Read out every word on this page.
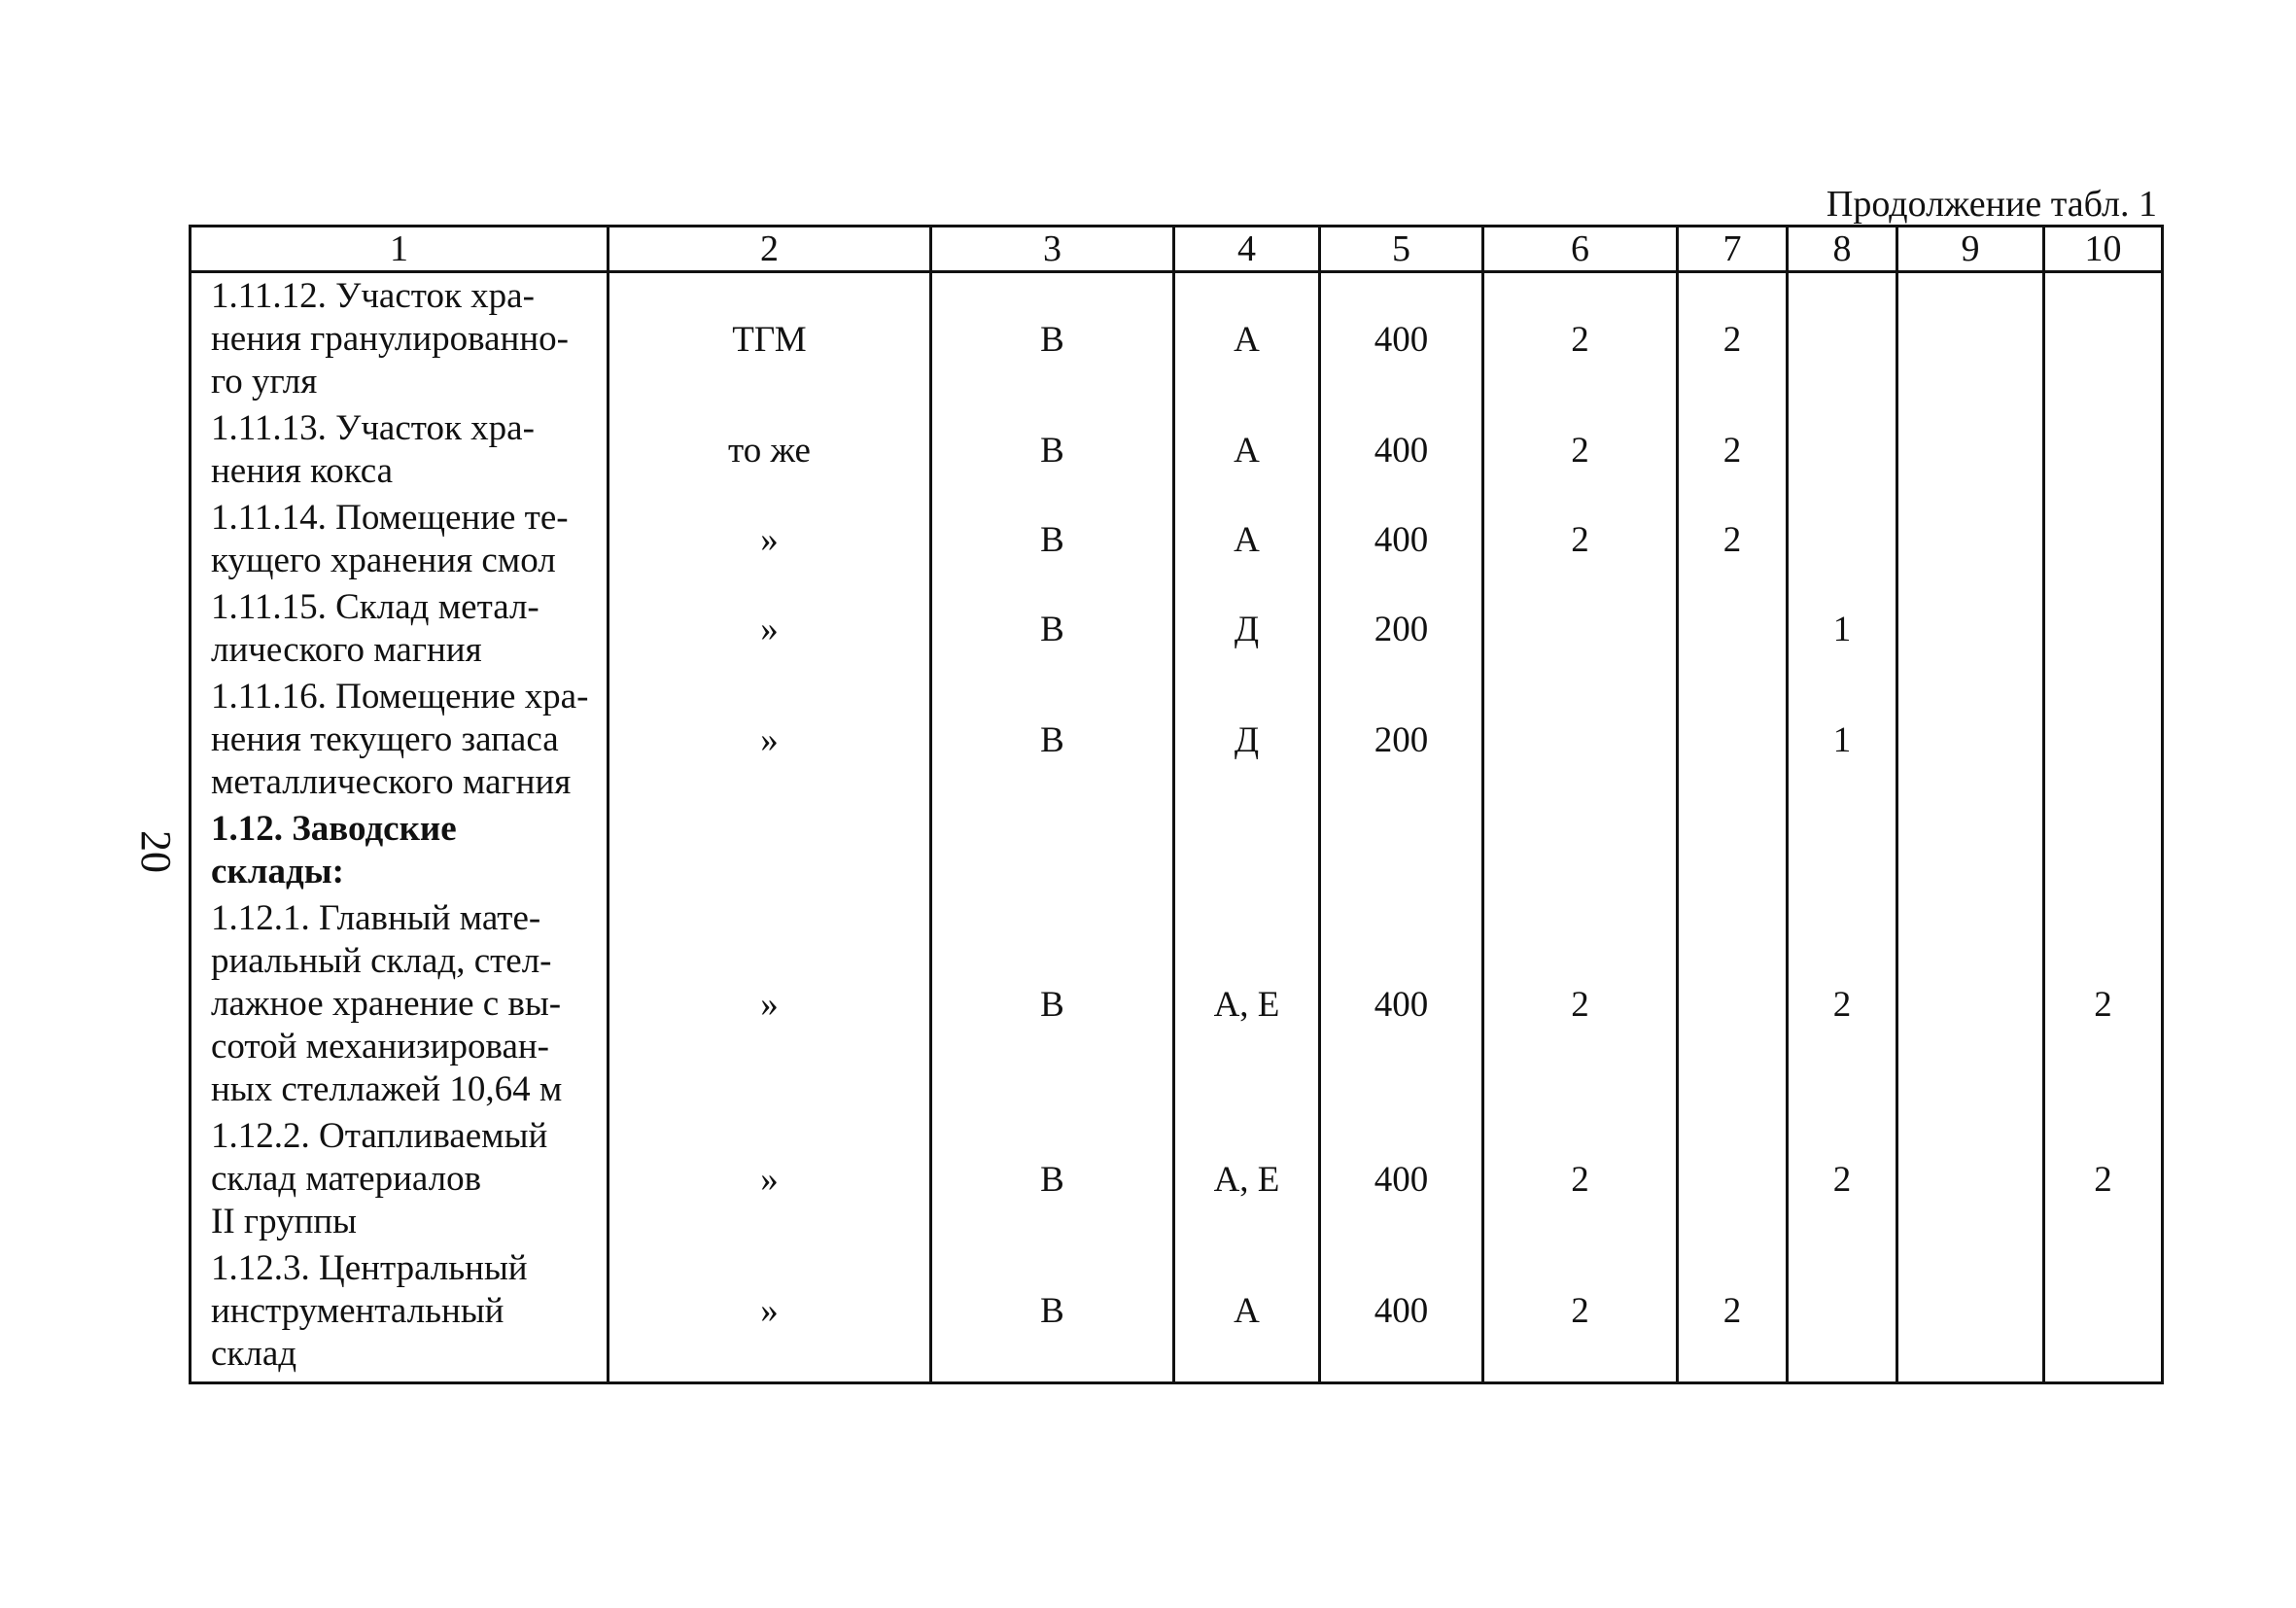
Продолжение табл. 1
20
1	2	3	4	5	6	7	8	9	10
1.11.12. Участок хра-
нения гранулированно-
го угля	ТГМ	В	А	400	2	2			
1.11.13. Участок хра-
нения кокса	то же	В	А	400	2	2			
1.11.14. Помещение те-
кущего хранения смол	»	В	А	400	2	2			
1.11.15. Склад метал-
лического магния	»	В	Д	200			1		
1.11.16. Помещение хра-
нения текущего запаса
металлического магния	»	В	Д	200			1		
1.12. Заводские склады:									
1.12.1. Главный мате-
риальный склад, стел-
лажное хранение с вы-
сотой механизирован-
ных стеллажей 10,64 м	»	В	А, Е	400	2		2		2
1.12.2. Отапливаемый
склад материалов
II группы	»	В	А, Е	400	2		2		2
1.12.3. Центральный
инструментальный
склад	»	В	А	400	2	2			
